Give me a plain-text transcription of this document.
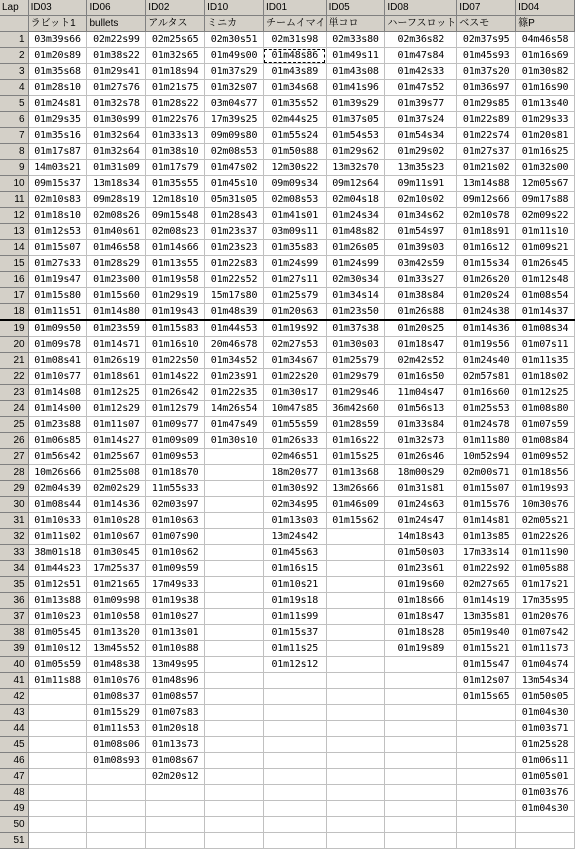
Lap	ID03	ID06	ID02	ID10	ID01	ID05	ID08	ID07	ID04
	ラビット1	bullets	アルタス	ミニカ	チームイマイ	単コロ	ハーフスロット	ベスモ	篠P
1	03m39s66	02m22s99	02m25s65	02m30s51	02m31s98	02m33s80	02m36s82	02m37s95	04m46s58
2	01m20s89	01m38s22	01m32s65	01m49s00	01m48s86	01m49s11	01m47s84	01m45s93	01m16s69
3	01m35s68	01m29s41	01m18s94	01m37s29	01m43s89	01m43s08	01m42s33	01m37s20	01m30s82
4	01m28s10	01m27s76	01m21s75	01m32s07	01m34s68	01m41s96	01m47s52	01m36s97	01m16s90
5	01m24s81	01m32s78	01m28s22	03m04s77	01m35s52	01m39s29	01m39s77	01m29s85	01m13s40
6	01m29s35	01m30s99	01m22s76	17m39s25	02m44s25	01m37s05	01m37s24	01m22s89	01m29s33
7	01m35s16	01m32s64	01m33s13	09m09s80	01m55s24	01m54s53	01m54s34	01m22s74	01m20s81
8	01m17s87	01m32s64	01m38s10	02m08s53	01m50s88	01m29s62	01m29s02	01m27s37	01m16s25
9	14m03s21	01m31s09	01m17s79	01m47s02	12m30s22	13m32s70	13m35s23	01m21s02	01m32s00
10	09m15s37	13m18s34	01m35s55	01m45s10	09m09s34	09m12s64	09m11s91	13m14s88	12m05s67
11	02m10s83	09m28s19	12m18s10	05m31s05	02m08s53	02m04s18	02m10s02	09m12s66	09m17s88
12	01m18s10	02m08s26	09m15s48	01m28s43	01m41s01	01m24s34	01m34s62	02m10s78	02m09s22
13	01m12s53	01m40s61	02m08s23	01m23s37	03m09s11	01m48s82	01m54s97	01m18s91	01m11s10
14	01m15s07	01m46s58	01m14s66	01m23s23	01m35s83	01m26s05	01m39s03	01m16s12	01m09s21
15	01m27s33	01m28s29	01m13s55	01m22s83	01m24s99	01m24s99	03m42s59	01m15s34	01m26s45
16	01m19s47	01m23s00	01m19s58	01m22s52	01m27s11	02m30s34	01m33s27	01m26s20	01m12s48
17	01m15s80	01m15s60	01m29s19	15m17s80	01m25s79	01m34s14	01m38s84	01m20s24	01m08s54
18	01m11s51	01m14s80	01m19s43	01m48s39	01m20s63	01m23s50	01m26s88	01m24s38	01m14s37
19	01m09s50	01m23s59	01m15s83	01m44s53	01m19s92	01m37s38	01m20s25	01m14s36	01m08s34
20	01m09s78	01m14s71	01m16s10	20m46s78	02m27s53	01m30s03	01m18s47	01m19s56	01m07s11
21	01m08s41	01m26s19	01m22s50	01m34s52	01m34s67	01m25s79	02m42s52	01m24s40	01m11s35
22	01m10s77	01m18s61	01m14s22	01m23s91	01m22s20	01m29s79	01m16s50	02m57s81	01m18s02
23	01m14s08	01m12s25	01m26s42	01m22s35	01m30s17	01m29s46	11m04s47	01m16s60	01m12s25
24	01m14s00	01m12s29	01m12s79	14m26s54	10m47s85	36m42s60	01m56s13	01m25s53	01m08s80
25	01m23s88	01m11s07	01m09s77	01m47s49	01m55s59	01m28s59	01m33s84	01m24s78	01m07s59
26	01m06s85	01m14s27	01m09s09	01m30s10	01m26s33	01m16s22	01m32s73	01m11s80	01m08s84
27	01m56s42	01m25s67	01m09s53		02m46s51	01m15s25	01m26s46	10m52s94	01m09s52
28	10m26s66	01m25s08	01m18s70		18m20s77	01m13s68	18m00s29	02m00s71	01m18s56
29	02m04s39	02m02s29	11m55s33		01m30s92	13m26s66	01m31s81	01m15s07	01m19s93
30	01m08s44	01m14s36	02m03s97		02m34s95	01m46s09	01m24s63	01m15s76	10m30s76
31	01m10s33	01m10s28	01m10s63		01m13s03	01m15s62	01m24s47	01m14s81	02m05s21
32	01m11s02	01m10s67	01m07s90		13m24s42		14m18s43	01m13s85	01m22s26
33	38m01s18	01m30s45	01m10s62		01m45s63		01m50s03	17m33s14	01m11s90
34	01m44s23	17m25s37	01m09s59		01m16s15		01m23s61	01m22s92	01m05s88
35	01m12s51	01m21s65	17m49s33		01m10s21		01m19s60	02m27s65	01m17s21
36	01m13s88	01m09s98	01m19s38		01m19s18		01m18s66	01m14s19	17m35s95
37	01m10s23	01m10s58	01m10s27		01m11s99		01m18s47	13m35s81	01m20s76
38	01m05s45	01m13s20	01m13s01		01m15s37		01m18s28	05m19s40	01m07s42
39	01m10s12	13m45s52	01m10s88		01m11s25		01m19s89	01m15s21	01m11s73
40	01m05s59	01m48s38	13m49s95		01m12s12			01m15s47	01m04s74
41	01m11s88	01m10s76	01m48s96					01m12s07	13m54s34
42		01m08s37	01m08s57					01m15s65	01m50s05
43		01m15s29	01m07s83						01m04s30
44		01m11s53	01m20s18						01m03s71
45		01m08s06	01m13s73						01m25s28
46		01m08s93	01m08s67						01m06s11
47			02m20s12						01m05s01
48									01m03s76
49									01m04s30
50									
51									
